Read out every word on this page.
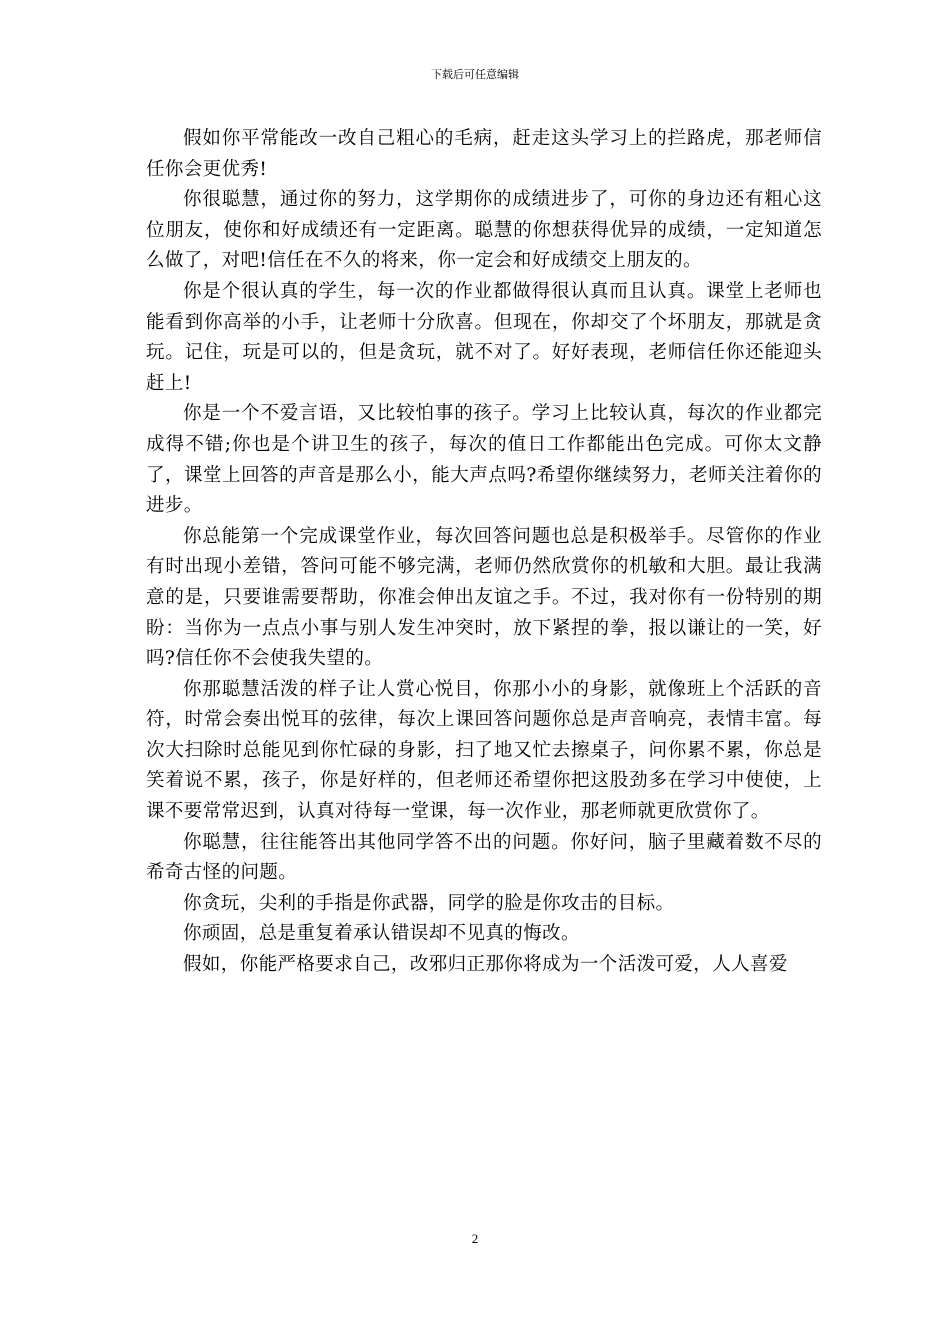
下载后可任意编辑

假如你平常能改一改自己粗心的毛病，赶走这头学习上的拦路虎，那老师信任你会更优秀!

你很聪慧，通过你的努力，这学期你的成绩进步了，可你的身边还有粗心这位朋友，使你和好成绩还有一定距离。聪慧的你想获得优异的成绩，一定知道怎么做了，对吧!信任在不久的将来，你一定会和好成绩交上朋友的。

你是个很认真的学生，每一次的作业都做得很认真而且认真。课堂上老师也能看到你高举的小手，让老师十分欣喜。但现在，你却交了个坏朋友，那就是贪玩。记住，玩是可以的，但是贪玩，就不对了。好好表现，老师信任你还能迎头赶上!

你是一个不爱言语，又比较怕事的孩子。学习上比较认真，每次的作业都完成得不错;你也是个讲卫生的孩子，每次的值日工作都能出色完成。可你太文静了，课堂上回答的声音是那么小，能大声点吗?希望你继续努力，老师关注着你的进步。

你总能第一个完成课堂作业，每次回答问题也总是积极举手。尽管你的作业有时出现小差错，答问可能不够完满，老师仍然欣赏你的机敏和大胆。最让我满意的是，只要谁需要帮助，你准会伸出友谊之手。不过，我对你有一份特别的期盼：当你为一点点小事与别人发生冲突时，放下紧捏的拳，报以谦让的一笑，好吗?信任你不会使我失望的。

你那聪慧活泼的样子让人赏心悦目，你那小小的身影，就像班上个活跃的音符，时常会奏出悦耳的弦律，每次上课回答问题你总是声音响亮，表情丰富。每次大扫除时总能见到你忙碌的身影，扫了地又忙去擦桌子，问你累不累，你总是笑着说不累，孩子，你是好样的，但老师还希望你把这股劲多在学习中使使，上课不要常常迟到，认真对待每一堂课，每一次作业，那老师就更欣赏你了。

你聪慧，往往能答出其他同学答不出的问题。你好问，脑子里藏着数不尽的希奇古怪的问题。

你贪玩，尖利的手指是你武器，同学的脸是你攻击的目标。

你顽固，总是重复着承认错误却不见真的悔改。

假如，你能严格要求自己，改邪归正那你将成为一个活泼可爱，人人喜爱

2
